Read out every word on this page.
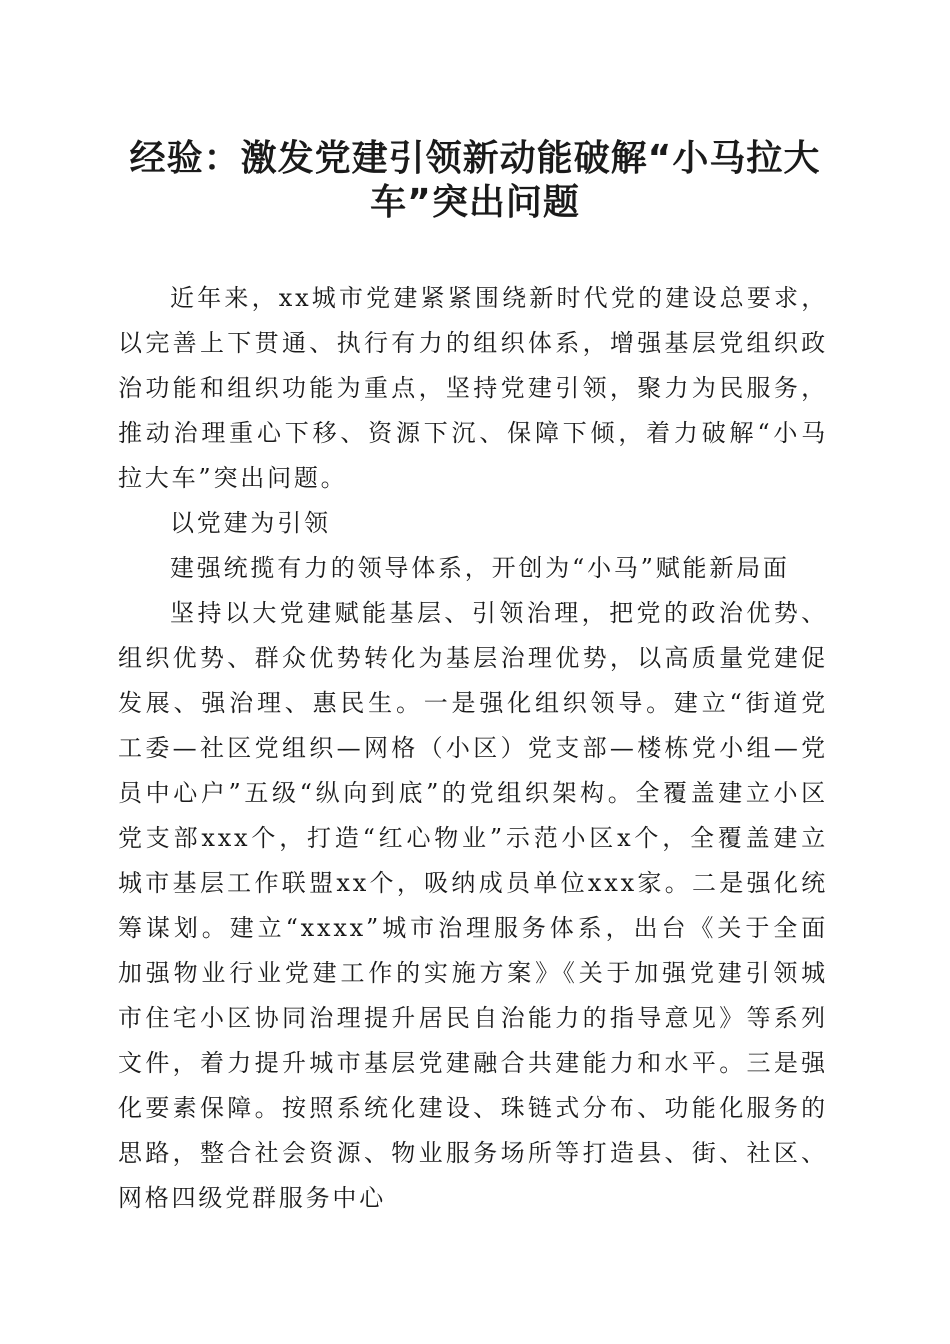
经验：激发党建引领新动能破解“小马拉大车”突出问题

近年来，xx城市党建紧紧围绕新时代党的建设总要求，以完善上下贯通、执行有力的组织体系，增强基层党组织政治功能和组织功能为重点，坚持党建引领，聚力为民服务，推动治理重心下移、资源下沉、保障下倾，着力破解“小马拉大车”突出问题。

以党建为引领

建强统揽有力的领导体系，开创为“小马”赋能新局面

坚持以大党建赋能基层、引领治理，把党的政治优势、组织优势、群众优势转化为基层治理优势，以高质量党建促发展、强治理、惠民生。一是强化组织领导。建立“街道党工委—社区党组织—网格（小区）党支部—楼栋党小组—党员中心户”五级“纵向到底”的党组织架构。全覆盖建立小区党支部xxx个，打造“红心物业”示范小区x个，全覆盖建立城市基层工作联盟xx个，吸纳成员单位xxx家。二是强化统筹谋划。建立“xxxx”城市治理服务体系，出台《关于全面加强物业行业党建工作的实施方案》《关于加强党建引领城市住宅小区协同治理提升居民自治能力的指导意见》等系列文件，着力提升城市基层党建融合共建能力和水平。三是强化要素保障。按照系统化建设、珠链式分布、功能化服务的思路，整合社会资源、物业服务场所等打造县、街、社区、网格四级党群服务中心
